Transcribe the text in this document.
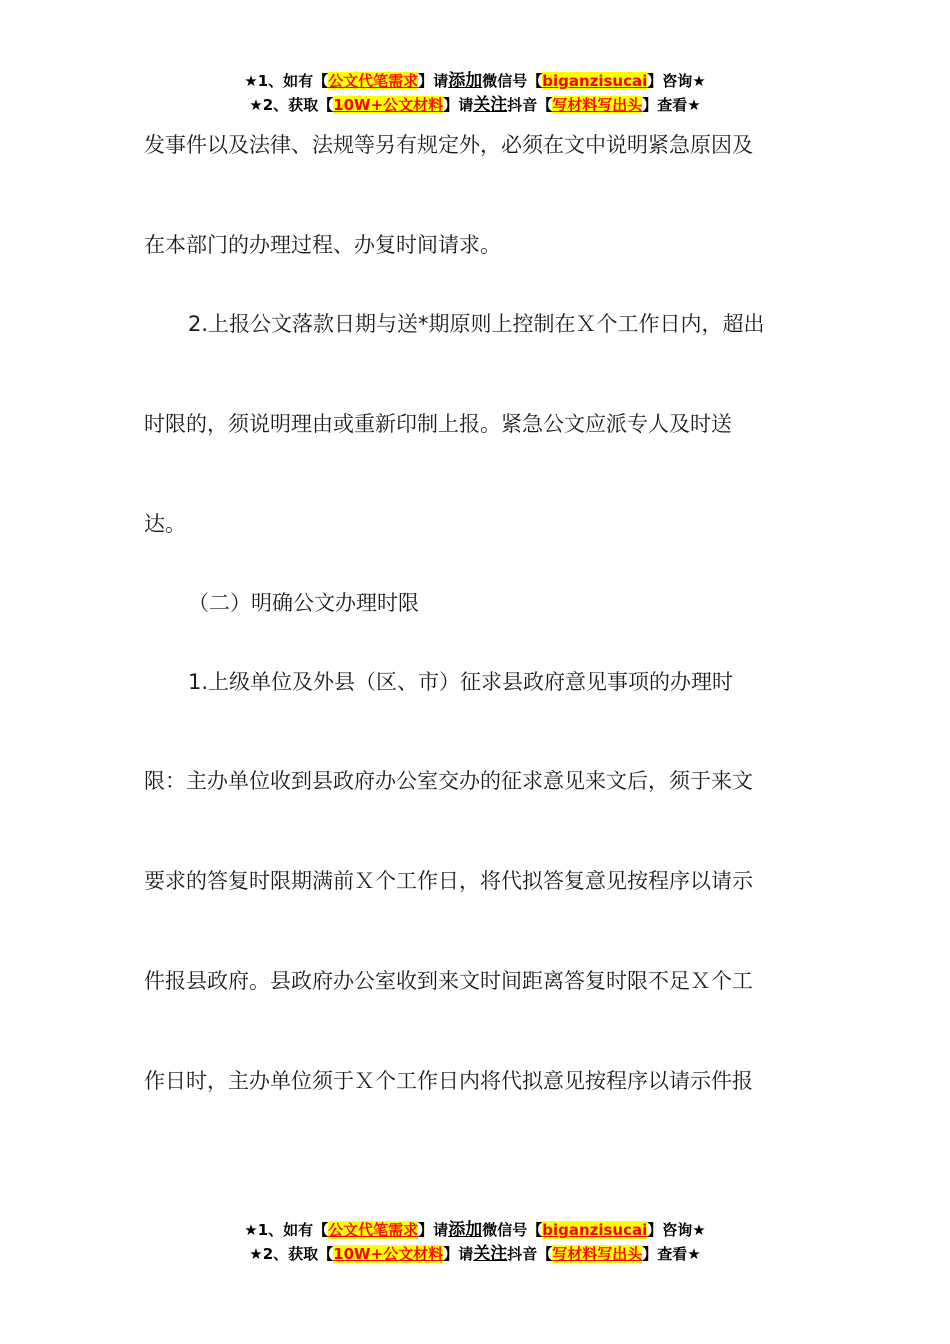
★1、如有【公文代笔需求】请添加微信号【biganzisucai】咨询★
★2、获取【10W+公文材料】请关注抖音【写材料写出头】查看★
发事件以及法律、法规等另有规定外，必须在文中说明紧急原因及
在本部门的办理过程、办复时间请求。
2.上报公文落款日期与送*期原则上控制在Ｘ个工作日内，超出
时限的，须说明理由或重新印制上报。紧急公文应派专人及时送
达。
（二）明确公文办理时限
1.上级单位及外县（区、市）征求县政府意见事项的办理时
限：主办单位收到县政府办公室交办的征求意见来文后，须于来文
要求的答复时限期满前Ｘ个工作日，将代拟答复意见按程序以请示
件报县政府。县政府办公室收到来文时间距离答复时限不足Ｘ个工
作日时，主办单位须于Ｘ个工作日内将代拟意见按程序以请示件报
★1、如有【公文代笔需求】请添加微信号【biganzisucai】咨询★
★2、获取【10W+公文材料】请关注抖音【写材料写出头】查看★
